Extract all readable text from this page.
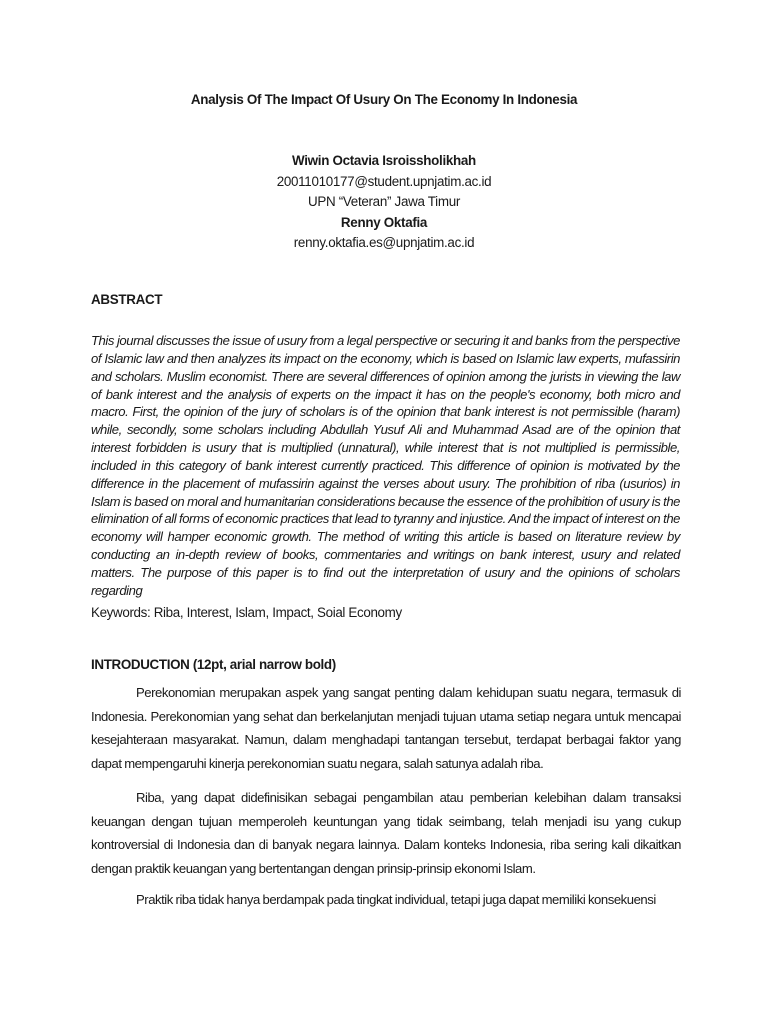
Analysis Of The Impact Of Usury On The Economy In Indonesia
Wiwin Octavia Isroissholikhah
20011010177@student.upnjatim.ac.id
UPN “Veteran” Jawa Timur
Renny Oktafia
renny.oktafia.es@upnjatim.ac.id
ABSTRACT

This journal discusses the issue of usury from a legal perspective or securing it and banks from the perspective of Islamic law and then analyzes its impact on the economy, which is based on Islamic law experts, mufassirin and scholars. Muslim economist. There are several differences of opinion among the jurists in viewing the law of bank interest and the analysis of experts on the impact it has on the people's economy, both micro and macro. First, the opinion of the jury of scholars is of the opinion that bank interest is not permissible (haram) while, secondly, some scholars including Abdullah Yusuf Ali and Muhammad Asad are of the opinion that interest forbidden is usury that is multiplied (unnatural), while interest that is not multiplied is permissible, included in this category of bank interest currently practiced. This difference of opinion is motivated by the difference in the placement of mufassirin against the verses about usury. The prohibition of riba (usurios) in Islam is based on moral and humanitarian considerations because the essence of the prohibition of usury is the elimination of all forms of economic practices that lead to tyranny and injustice. And the impact of interest on the economy will hamper economic growth. The method of writing this article is based on literature review by conducting an in-depth review of books, commentaries and writings on bank interest, usury and related matters. The purpose of this paper is to find out the interpretation of usury and the opinions of scholars regarding

Keywords: Riba, Interest, Islam, Impact, Soial Economy
INTRODUCTION (12pt, arial narrow bold)

Perekonomian merupakan aspek yang sangat penting dalam kehidupan suatu negara, termasuk di Indonesia. Perekonomian yang sehat dan berkelanjutan menjadi tujuan utama setiap negara untuk mencapai kesejahteraan masyarakat. Namun, dalam menghadapi tantangan tersebut, terdapat berbagai faktor yang dapat mempengaruhi kinerja perekonomian suatu negara, salah satunya adalah riba.

Riba, yang dapat didefinisikan sebagai pengambilan atau pemberian kelebihan dalam transaksi keuangan dengan tujuan memperoleh keuntungan yang tidak seimbang, telah menjadi isu yang cukup kontroversial di Indonesia dan di banyak negara lainnya. Dalam konteks Indonesia, riba sering kali dikaitkan dengan praktik keuangan yang bertentangan dengan prinsip-prinsip ekonomi Islam.

Praktik riba tidak hanya berdampak pada tingkat individual, tetapi juga dapat memiliki konsekuensi
